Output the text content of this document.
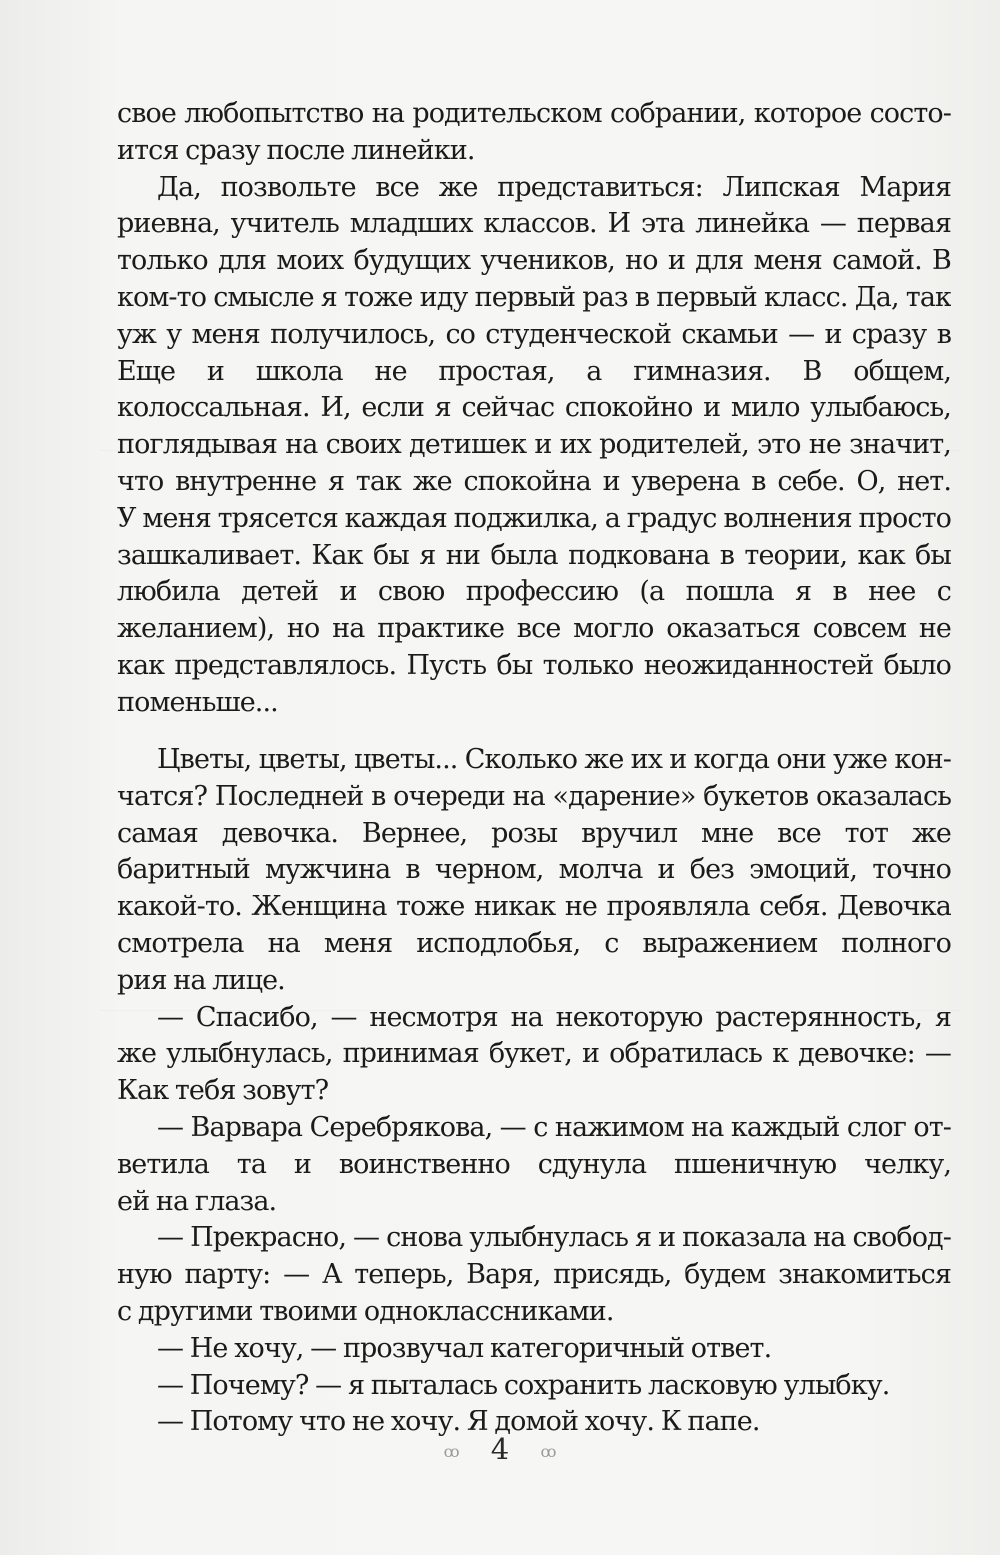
свое любопытство на родительском собрании, которое состо-
ится сразу после линейки.
Да, позвольте все же представиться: Липская Мария
риевна, учитель младших классов. И эта линейка — первая
только для моих будущих учеников, но и для меня самой. В
ком-то смысле я тоже иду первый раз в первый класс. Да, так
уж у меня получилось, со студенческой скамьи — и сразу в
Еще и школа не простая, а гимназия. В общем,
колоссальная. И, если я сейчас спокойно и мило улыбаюсь,
поглядывая на своих детишек и их родителей, это не значит,
что внутренне я так же спокойна и уверена в себе. О, нет.
У меня трясется каждая поджилка, а градус волнения просто
зашкаливает. Как бы я ни была подкована в теории, как бы
любила детей и свою профессию (а пошла я в нее с
желанием), но на практике все могло оказаться совсем не
как представлялось. Пусть бы только неожиданностей было
поменьше...
Цветы, цветы, цветы... Сколько же их и когда они уже кон-
чатся? Последней в очереди на «дарение» букетов оказалась
самая девочка. Вернее, розы вручил мне все тот же
баритный мужчина в черном, молча и без эмоций, точно
какой-то. Женщина тоже никак не проявляла себя. Девочка
смотрела на меня исподлобья, с выражением полного
рия на лице.
— Спасибо, — несмотря на некоторую растерянность, я
же улыбнулась, принимая букет, и обратилась к девочке: —
Как тебя зовут?
— Варвара Серебрякова, — с нажимом на каждый слог от-
ветила та и воинственно сдунула пшеничную челку,
ей на глаза.
— Прекрасно, — снова улыбнулась я и показала на свобод-
ную парту: — А теперь, Варя, присядь, будем знакомиться
с другими твоими одноклассниками.
— Не хочу, — прозвучал категоричный ответ.
— Почему? — я пыталась сохранить ласковую улыбку.
— Потому что не хочу. Я домой хочу. К папе.
ꝏ 4 ꝏ
